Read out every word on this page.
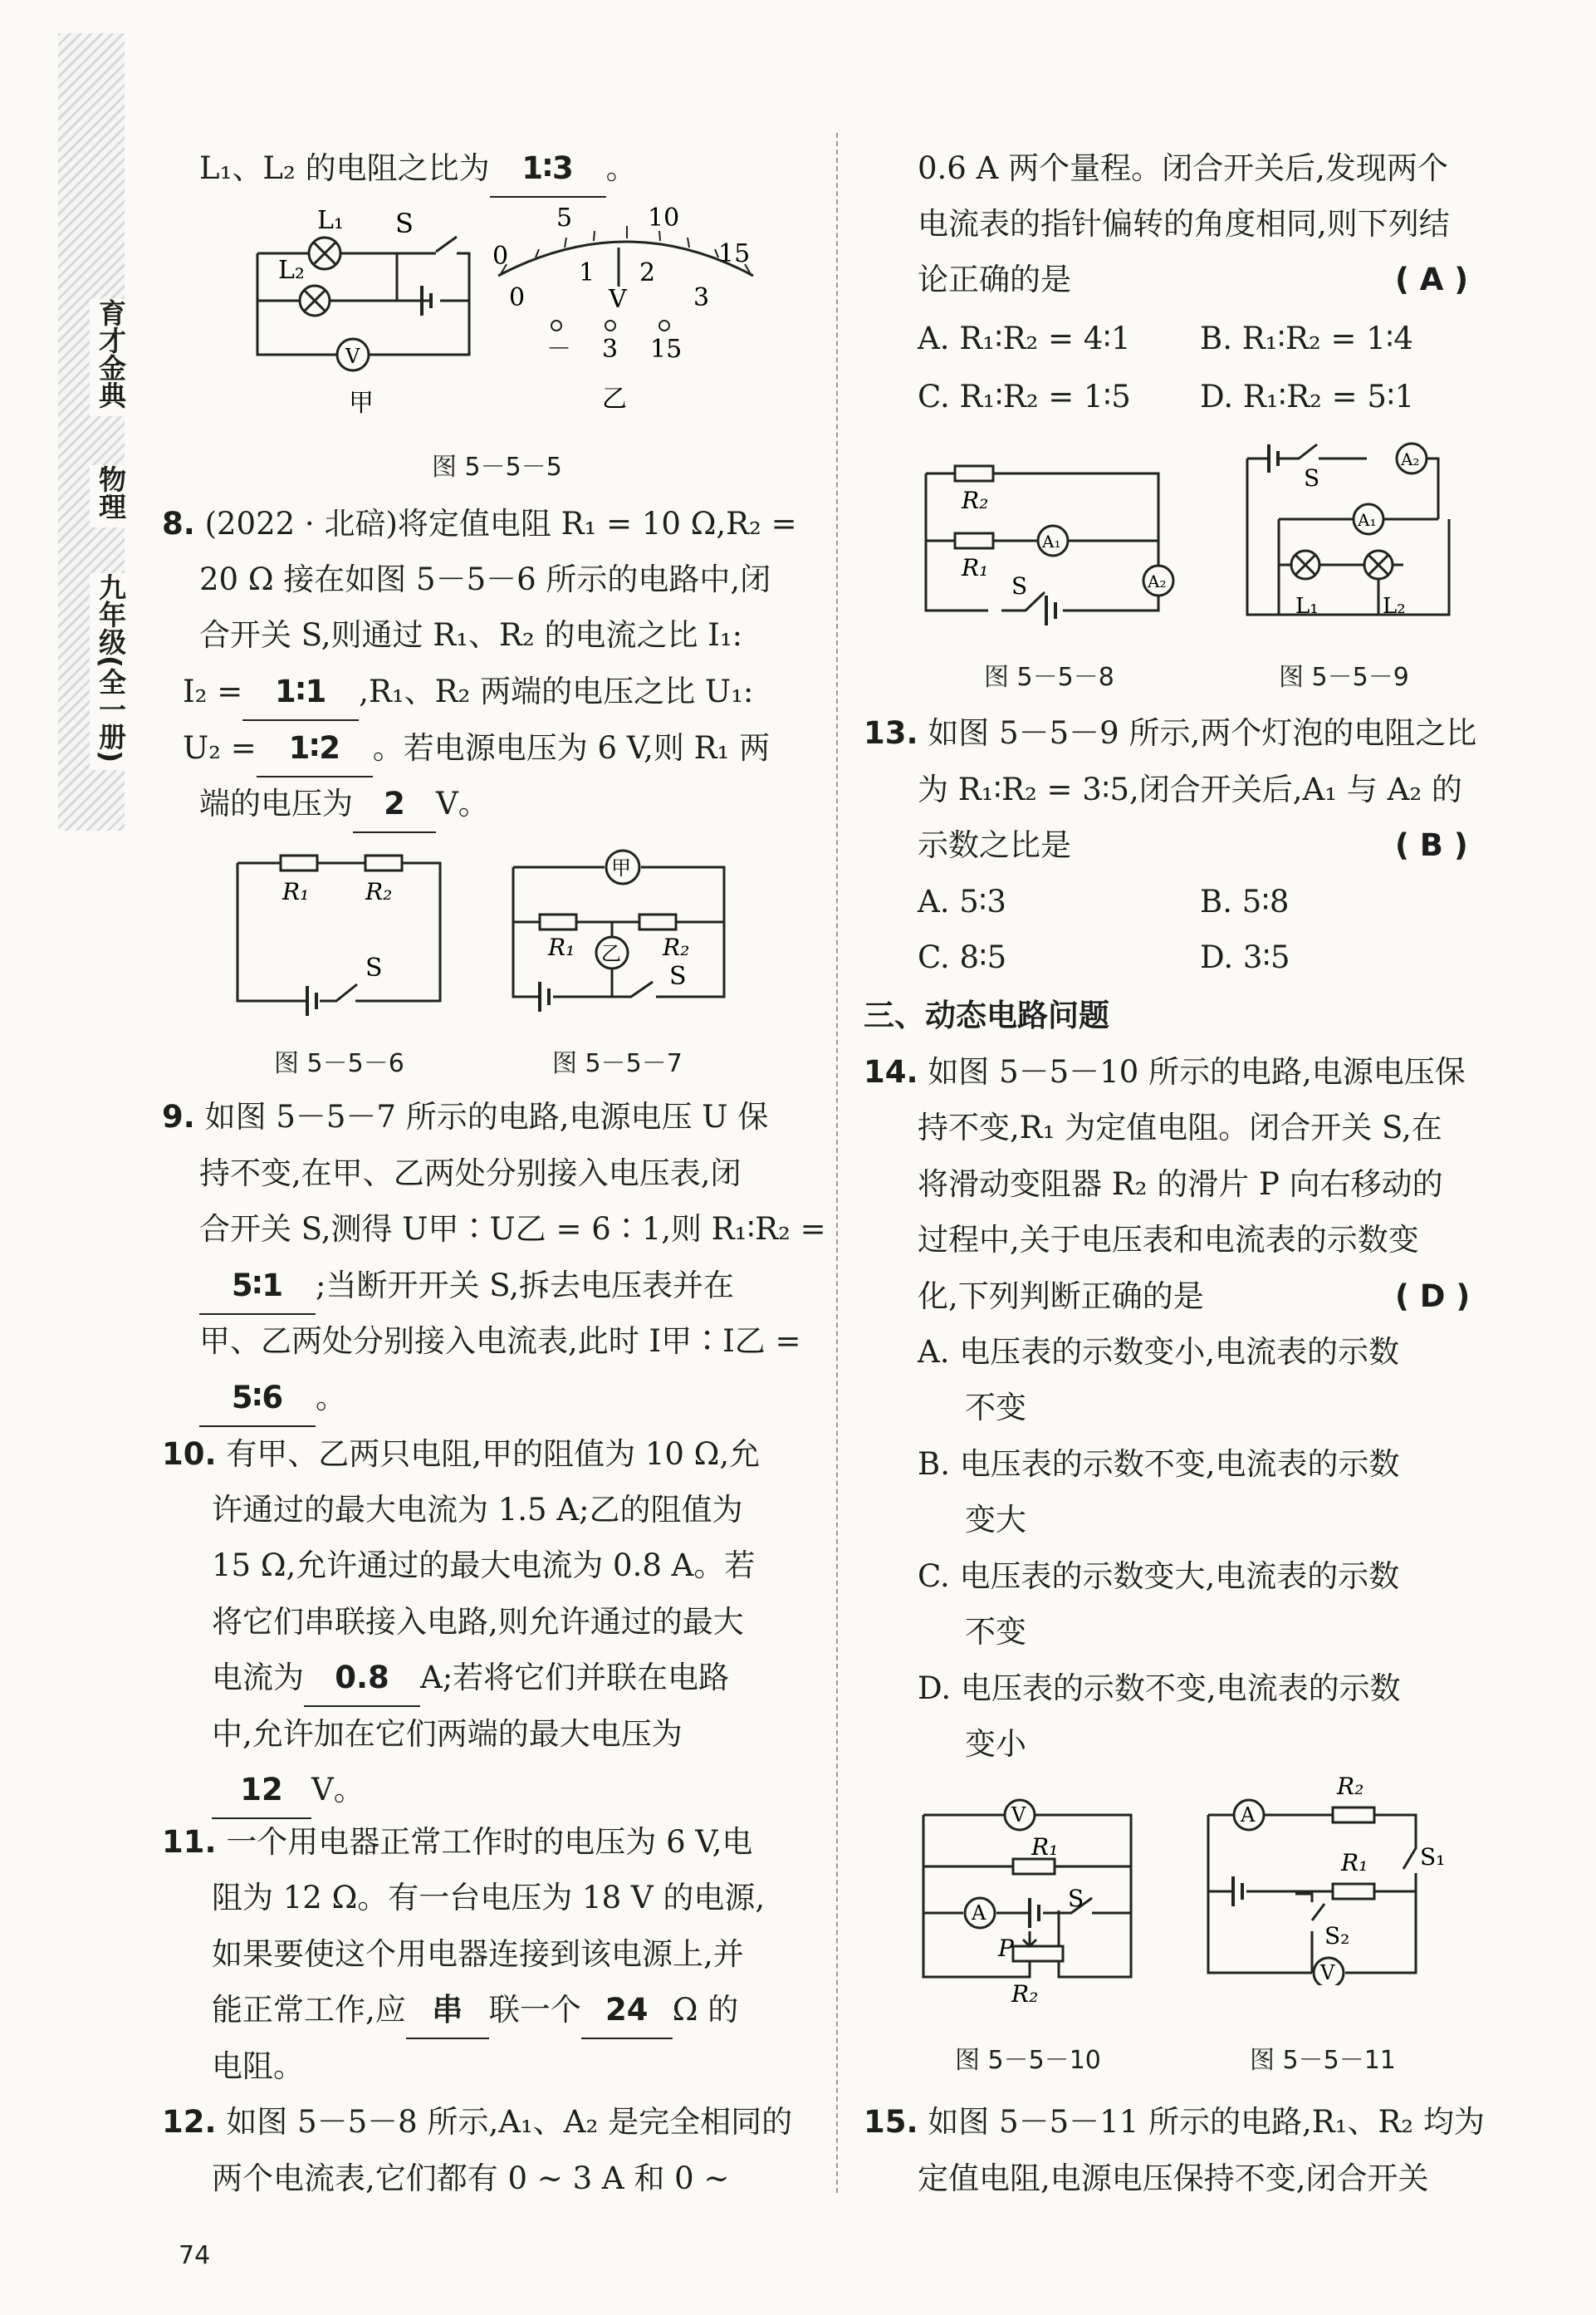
育才金典
物理
九年级(全一册)
L₁、L₂ 的电阻之比为 1∶3 。
L₁
L₂
S
V
甲
0
5	10
15
0
1 2
3
V
－ 3 15
乙
图 5－5－5
8. (2022 · 北碚)将定值电阻 R₁ = 10 Ω,R₂ =
20 Ω 接在如图 5－5－6 所示的电路中,闭
合开关 S,则通过 R₁、R₂ 的电流之比 I₁:
I₂ = 1∶1 ,R₁、R₂ 两端的电压之比 U₁:
U₂ = 1∶2 。若电源电压为 6 V,则 R₁ 两
端的电压为 2 V。
R₁ R₂
S
图 5－5－6
甲
乙
R₁	R₂
S
图 5－5－7
9. 如图 5－5－7 所示的电路,电源电压 U 保
持不变,在甲、乙两处分别接入电压表,闭
合开关 S,测得 U甲∶U乙 = 6∶1,则 R₁∶R₂ =
5∶1 ;当断开开关 S,拆去电压表并在
甲、乙两处分别接入电流表,此时 I甲∶I乙 =
5∶6 。
10. 有甲、乙两只电阻,甲的阻值为 10 Ω,允
许通过的最大电流为 1.5 A;乙的阻值为
15 Ω,允许通过的最大电流为 0.8 A。若
将它们串联接入电路,则允许通过的最大
电流为 0.8 A;若将它们并联在电路
中,允许加在它们两端的最大电压为
12 V。
11. 一个用电器正常工作时的电压为 6 V,电
阻为 12 Ω。有一台电压为 18 V 的电源,
如果要使这个用电器连接到该电源上,并
能正常工作,应 串 联一个 24 Ω 的
电阻。
12. 如图 5－5－8 所示,A₁、A₂ 是完全相同的
两个电流表,它们都有 0 ~ 3 A 和 0 ~
74
0.6 A 两个量程。闭合开关后,发现两个
电流表的指针偏转的角度相同,则下列结
论正确的是	( A )
A. R₁∶R₂ = 4∶1 B. R₁∶R₂ = 1∶4
C. R₁∶R₂ = 1∶5 D. R₁∶R₂ = 5∶1
R₂
R₁
A₁
A₂
S
图 5－5－8
A₁
A₂
S
L₁	L₂
图 5－5－9
13. 如图 5－5－9 所示,两个灯泡的电阻之比
为 R₁∶R₂ = 3∶5,闭合开关后,A₁ 与 A₂ 的
示数之比是	( B )
A. 5∶3	B. 5∶8
C. 8∶5	D. 3∶5
三、动态电路问题
14. 如图 5－5－10 所示的电路,电源电压保
持不变,R₁ 为定值电阻。闭合开关 S,在
将滑动变阻器 R₂ 的滑片 P 向右移动的
过程中,关于电压表和电流表的示数变
化,下列判断正确的是	( D )
A. 电压表的示数变小,电流表的示数
不变
B. 电压表的示数不变,电流表的示数
变大
C. 电压表的示数变大,电流表的示数
不变
D. 电压表的示数不变,电流表的示数
变小
V
A
R₁
S
P
R₂
图 5－5－10
A
V
R₂
R₁ S₁
S₂
图 5－5－11
15. 如图 5－5－11 所示的电路,R₁、R₂ 均为
定值电阻,电源电压保持不变,闭合开关
